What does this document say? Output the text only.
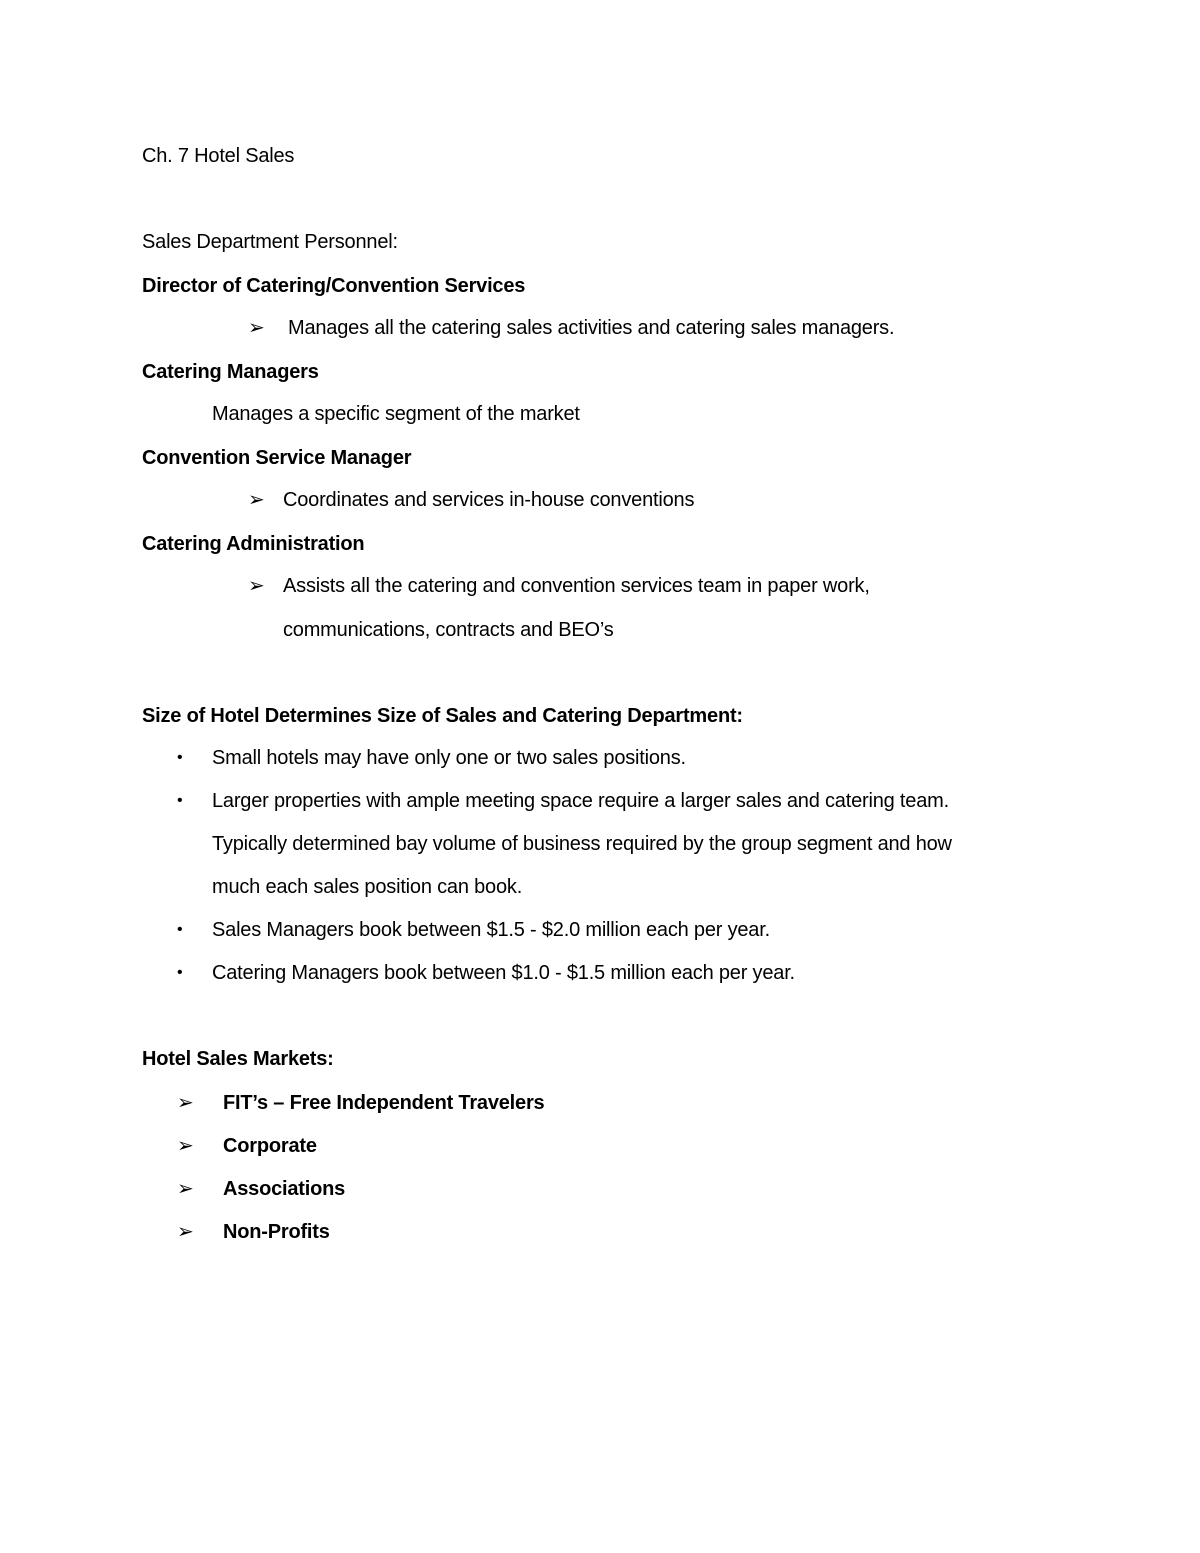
Ch. 7 Hotel Sales
Sales Department Personnel:
Director of Catering/Convention Services
➢ Manages all the catering sales activities and catering sales managers.
Catering Managers
Manages a specific segment of the market
Convention Service Manager
➢ Coordinates and services in-house conventions
Catering Administration
➢ Assists all the catering and convention services team in paper work,
communications, contracts and BEO’s
Size of Hotel Determines Size of Sales and Catering Department:
• Small hotels may have only one or two sales positions.
• Larger properties with ample meeting space require a larger sales and catering team.
Typically determined bay volume of business required by the group segment and how
much each sales position can book.
• Sales Managers book between $1.5 - $2.0 million each per year.
• Catering Managers book between $1.0 - $1.5 million each per year.
Hotel Sales Markets:
➢ FIT’s – Free Independent Travelers
➢ Corporate
➢ Associations
➢ Non-Profits
